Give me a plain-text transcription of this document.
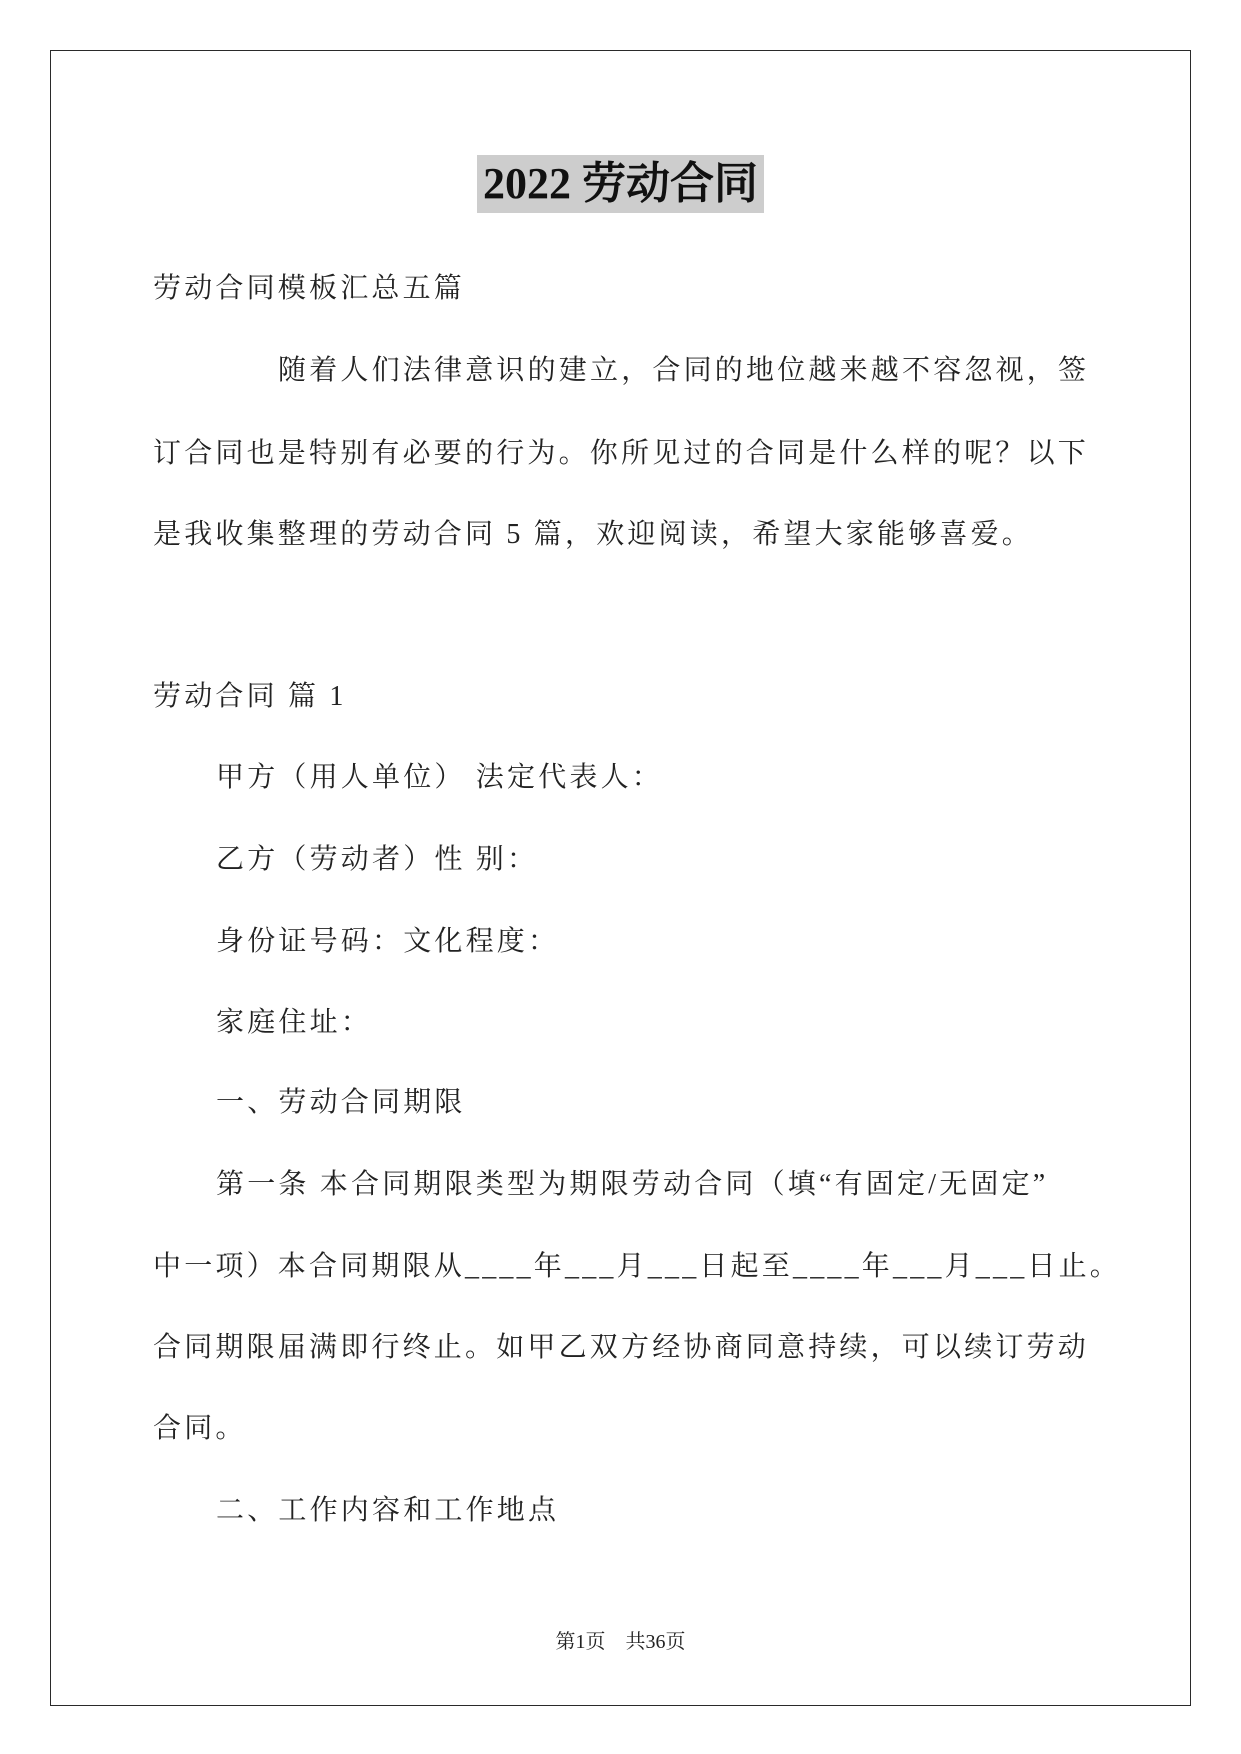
2022 劳动合同
劳动合同模板汇总五篇
随着人们法律意识的建立，合同的地位越来越不容忽视，签
订合同也是特别有必要的行为。你所见过的合同是什么样的呢？以下
是我收集整理的劳动合同 5 篇，欢迎阅读，希望大家能够喜爱。
劳动合同 篇 1
甲方（用人单位） 法定代表人：
乙方（劳动者）性 别：
身份证号码：文化程度：
家庭住址：
一、劳动合同期限
第一条 本合同期限类型为期限劳动合同（填“有固定/无固定”
中一项）本合同期限从____年___月___日起至____年___月___日止。
合同期限届满即行终止。如甲乙双方经协商同意持续，可以续订劳动
合同。
二、工作内容和工作地点
第1页　共36页
